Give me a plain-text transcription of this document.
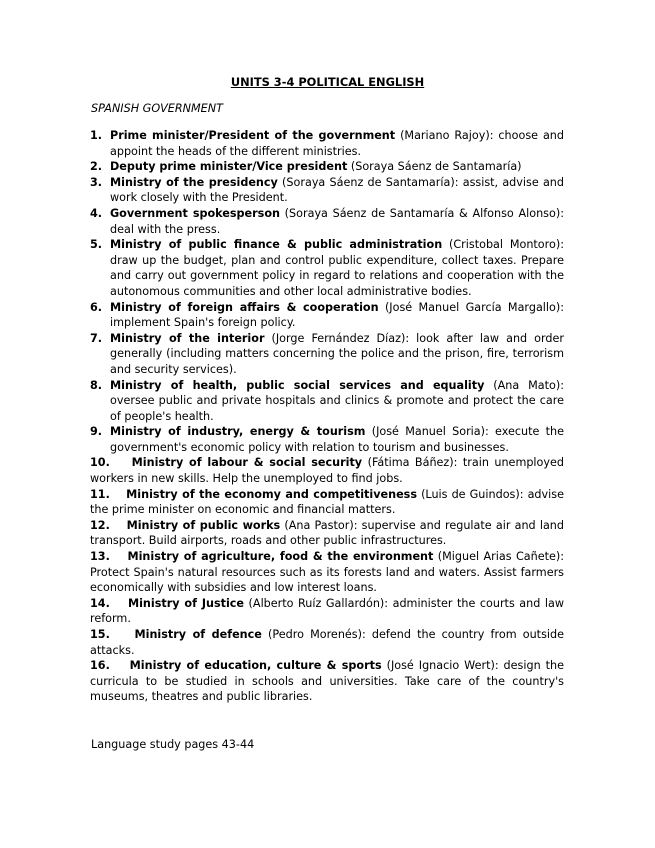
UNITS 3-4 POLITICAL ENGLISH
SPANISH GOVERNMENT
1. Prime minister/President of the government (Mariano Rajoy): choose and appoint the heads of the different ministries.
2. Deputy prime minister/Vice president (Soraya Sáenz de Santamaría)
3. Ministry of the presidency (Soraya Sáenz de Santamaría): assist, advise and work closely with the President.
4. Government spokesperson (Soraya Sáenz de Santamaría & Alfonso Alonso): deal with the press.
5. Ministry of public finance & public administration (Cristobal Montoro): draw up the budget, plan and control public expenditure, collect taxes. Prepare and carry out government policy in regard to relations and cooperation with the autonomous communities and other local administrative bodies.
6. Ministry of foreign affairs & cooperation (José Manuel García Margallo): implement Spain's foreign policy.
7. Ministry of the interior (Jorge Fernández Díaz): look after law and order generally (including matters concerning the police and the prison, fire, terrorism and security services).
8. Ministry of health, public social services and equality (Ana Mato): oversee public and private hospitals and clinics & promote and protect the care of people's health.
9. Ministry of industry, energy & tourism (José Manuel Soria): execute the government's economic policy with relation to tourism and businesses.
10. Ministry of labour & social security (Fátima Báñez): train unemployed workers in new skills. Help the unemployed to find jobs.
11. Ministry of the economy and competitiveness (Luis de Guindos): advise the prime minister on economic and financial matters.
12. Ministry of public works (Ana Pastor): supervise and regulate air and land transport. Build airports, roads and other public infrastructures.
13. Ministry of agriculture, food & the environment (Miguel Arias Cañete): Protect Spain's natural resources such as its forests land and waters. Assist farmers economically with subsidies and low interest loans.
14. Ministry of Justice (Alberto Ruíz Gallardón): administer the courts and law reform.
15. Ministry of defence (Pedro Morenés): defend the country from outside attacks.
16. Ministry of education, culture & sports (José Ignacio Wert): design the curricula to be studied in schools and universities. Take care of the country's museums, theatres and public libraries.
Language study pages 43-44
